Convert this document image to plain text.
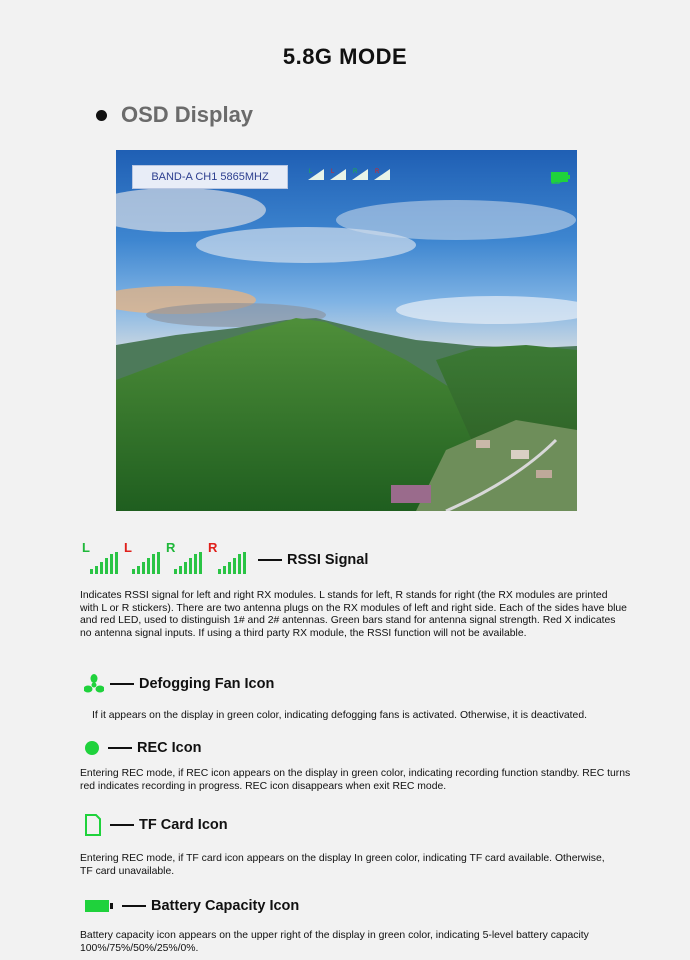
5.8G MODE
OSD Display
BAND-A CH1 5865MHZ	L	L	R	R
L	L	R	R
RSSI Signal
Indicates RSSI signal for left and right RX modules. L stands for left, R stands for right (the RX modules are printed with L or R stickers). There are two antenna plugs on the RX modules of left and right side. Each of the sides have blue and red LED, used to distinguish 1# and 2# antennas. Green bars stand for antenna signal strength. Red X indicates no antenna signal inputs. If using a third party RX module, the RSSI function will not be available.
Defogging Fan Icon
If it appears on the display in green color, indicating defogging fans is activated. Otherwise, it is deactivated.
REC Icon
Entering REC mode, if REC icon appears on the display in green color, indicating recording function standby. REC turns red indicates recording in progress. REC icon disappears when exit REC mode.
TF Card Icon
Entering REC mode, if TF card icon appears on the display In green color, indicating TF card available. Otherwise, TF card unavailable.
Battery Capacity Icon
Battery capacity icon appears on the upper right of the display in green color, indicating 5-level battery capacity 100%/75%/50%/25%/0%.
